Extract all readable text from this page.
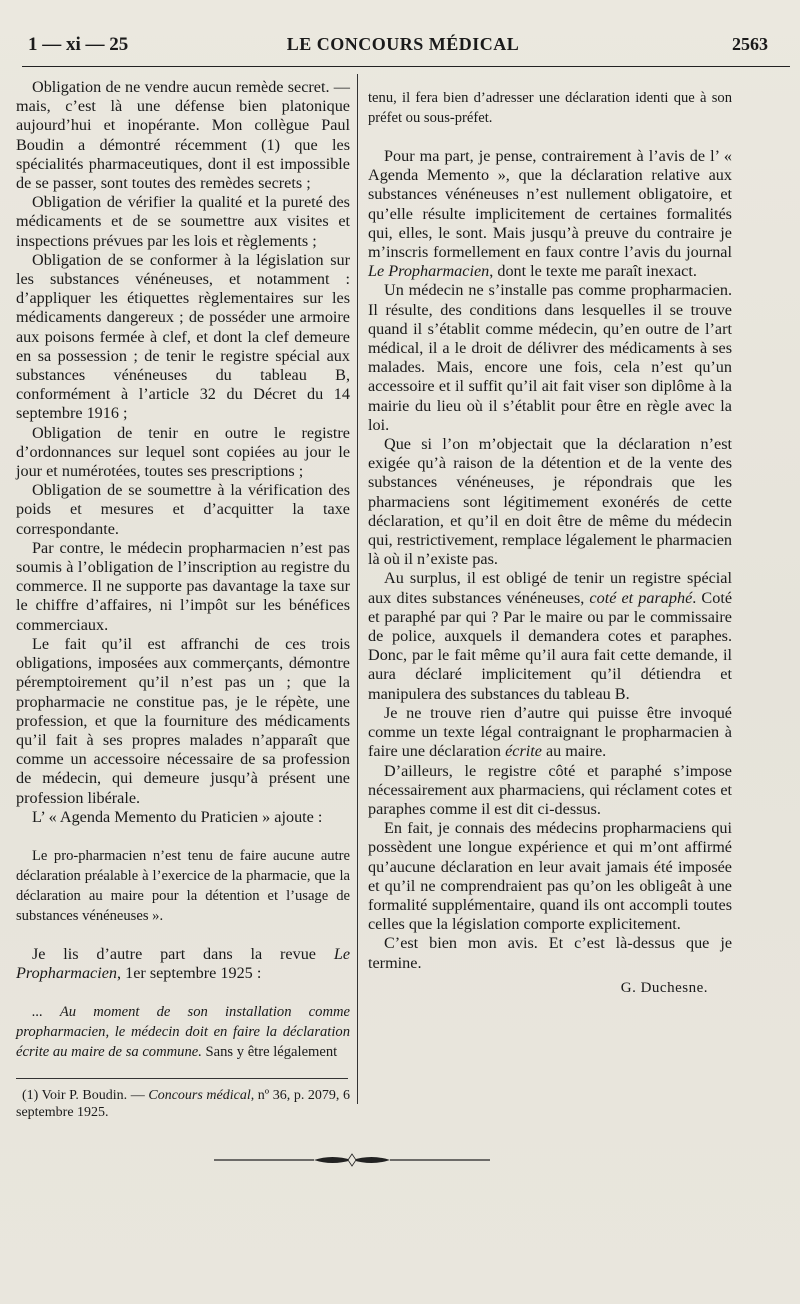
1 — xi — 25	LE CONCOURS MÉDICAL	2563

Obligation de ne vendre aucun remède secret. — mais, c’est là une défense bien platonique aujourd’hui et inopérante. Mon collègue Paul Boudin a démontré récemment (1) que les spécialités pharmaceutiques, dont il est impossible de se passer, sont toutes des remèdes secrets ;

Obligation de vérifier la qualité et la pureté des médicaments et de se soumettre aux visites et inspections prévues par les lois et règlements ;

Obligation de se conformer à la législation sur les substances vénéneuses, et notamment : d’appliquer les étiquettes règlementaires sur les médicaments dangereux ; de posséder une armoire aux poisons fermée à clef, et dont la clef demeure en sa possession ; de tenir le registre spécial aux substances vénéneuses du tableau B, conformément à l’article 32 du Décret du 14 septembre 1916 ;

Obligation de tenir en outre le registre d’ordonnances sur lequel sont copiées au jour le jour et numérotées, toutes ses prescriptions ;

Obligation de se soumettre à la vérification des poids et mesures et d’acquitter la taxe correspondante.

Par contre, le médecin propharmacien n’est pas soumis à l’obligation de l’inscription au registre du commerce. Il ne supporte pas davantage la taxe sur le chiffre d’affaires, ni l’impôt sur les bénéfices commerciaux.

Le fait qu’il est affranchi de ces trois obligations, imposées aux commerçants, démontre péremptoirement qu’il n’est pas un ; que la propharmacie ne constitue pas, je le répète, une profession, et que la fourniture des médicaments qu’il fait à ses propres malades n’apparaît que comme un accessoire nécessaire de sa profession de médecin, qui demeure jusqu’à présent une profession libérale.

L’ « Agenda Memento du Praticien » ajoute :

Le pro-pharmacien n’est tenu de faire aucune autre déclaration préalable à l’exercice de la pharmacie, que la déclaration au maire pour la détention et l’usage de substances vénéneuses ».

Je lis d’autre part dans la revue Le Propharmacien, 1er septembre 1925 :

... Au moment de son installation comme propharmacien, le médecin doit en faire la déclaration écrite au maire de sa commune. Sans y être légalement

(1) Voir P. Boudin. — Concours médical, nº 36, p. 2079, 6 septembre 1925.

tenu, il fera bien d’adresser une déclaration identi que à son préfet ou sous-préfet.

Pour ma part, je pense, contrairement à l’avis de l’ « Agenda Memento », que la déclaration relative aux substances vénéneuses n’est nullement obligatoire, et qu’elle résulte implicitement de certaines formalités qui, elles, le sont. Mais jusqu’à preuve du contraire je m’inscris formellement en faux contre l’avis du journal Le Propharmacien, dont le texte me paraît inexact.

Un médecin ne s’installe pas comme propharmacien. Il résulte, des conditions dans lesquelles il se trouve quand il s’établit comme médecin, qu’en outre de l’art médical, il a le droit de délivrer des médicaments à ses malades. Mais, encore une fois, cela n’est qu’un accessoire et il suffit qu’il ait fait viser son diplôme à la mairie du lieu où il s’établit pour être en règle avec la loi.

Que si l’on m’objectait que la déclaration n’est exigée qu’à raison de la détention et de la vente des substances vénéneuses, je répondrais que les pharmaciens sont légitimement exonérés de cette déclaration, et qu’il en doit être de même du médecin qui, restrictivement, remplace légalement le pharmacien là où il n’existe pas.

Au surplus, il est obligé de tenir un registre spécial aux dites substances vénéneuses, coté et paraphé. Coté et paraphé par qui ? Par le maire ou par le commissaire de police, auxquels il demandera cotes et paraphes. Donc, par le fait même qu’il aura fait cette demande, il aura déclaré implicitement qu’il détiendra et manipulera des substances du tableau B.

Je ne trouve rien d’autre qui puisse être invoqué comme un texte légal contraignant le propharmacien à faire une déclaration écrite au maire.

D’ailleurs, le registre côté et paraphé s’impose nécessairement aux pharmaciens, qui réclament cotes et paraphes comme il est dit ci-dessus.

En fait, je connais des médecins propharmaciens qui possèdent une longue expérience et qui m’ont affirmé qu’aucune déclaration en leur avait jamais été imposée et qu’il ne comprendraient pas qu’on les obligeât à une formalité supplémentaire, quand ils ont accompli toutes celles que la législation comporte explicitement.

C’est bien mon avis. Et c’est là-dessus que je termine.

G. Duchesne.
